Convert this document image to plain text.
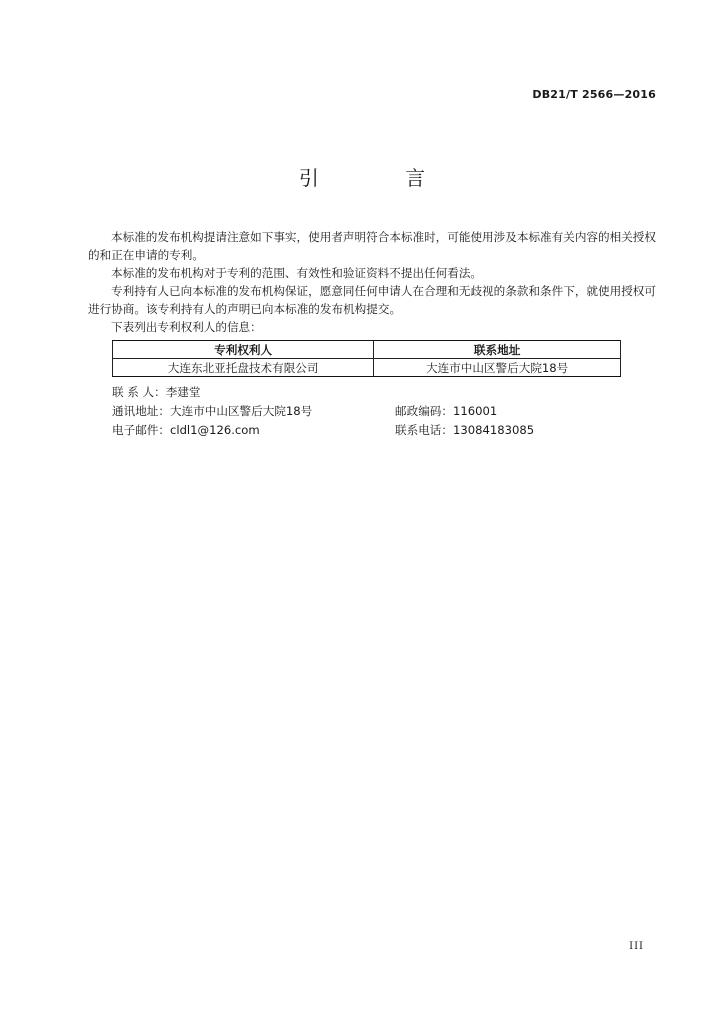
DB21/T 2566—2016
引 言

本标准的发布机构提请注意如下事实，使用者声明符合本标准时，可能使用涉及本标准有关内容的相关授权的和正在申请的专利。

本标准的发布机构对于专利的范围、有效性和验证资料不提出任何看法。

专利持有人已向本标准的发布机构保证，愿意同任何申请人在合理和无歧视的条款和条件下，就使用授权可进行协商。该专利持有人的声明已向本标准的发布机构提交。

下表列出专利权利人的信息：

专利权利人	联系地址
大连东北亚托盘技术有限公司	大连市中山区警后大院18号
联 系 人：李建堂
通讯地址：大连市中山区警后大院18号	邮政编码：116001
电子邮件：cldl1@126.com	联系电话：13084183085
III
